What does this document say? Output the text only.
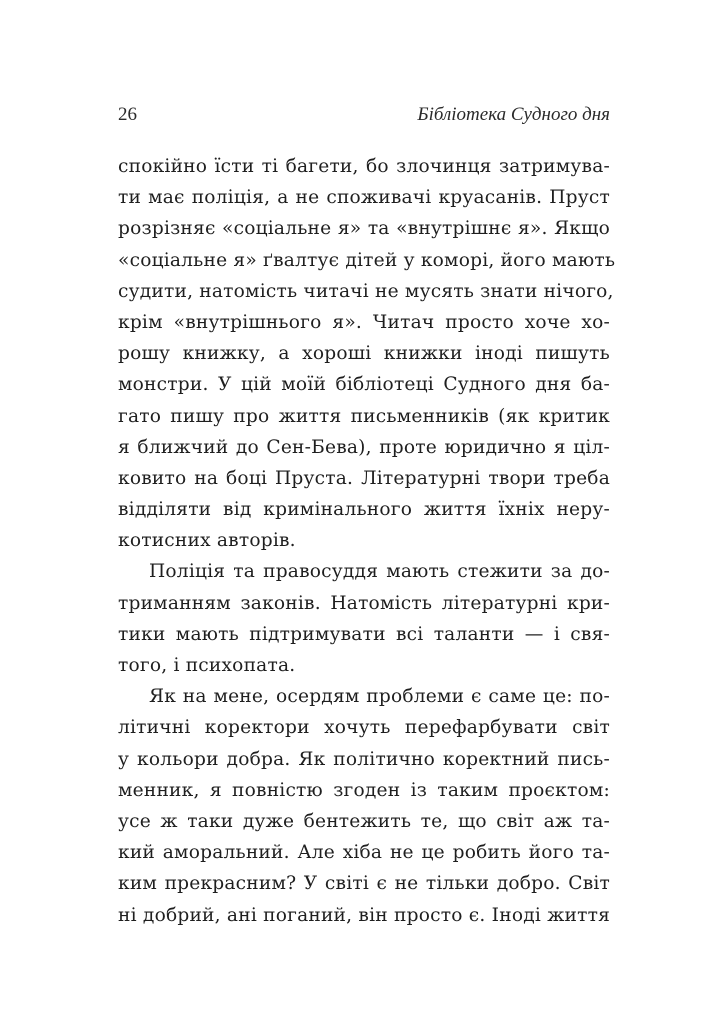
26	Бібліотека Судного дня
спокійно їсти ті багети, бо злочинця затримува-
ти має поліція, а не споживачі круасанів. Пруст
розрізняє «соціальне я» та «внутрішнє я». Якщо
«соціальне я» ґвалтує дітей у коморі, його мають
судити, натомість читачі не мусять знати нічого,
крім «внутрішнього я». Читач просто хоче хо-
рошу книжку, а хороші книжки іноді пишуть
монстри. У цій моїй бібліотеці Судного дня ба-
гато пишу про життя письменників (як критик
я ближчий до Сен-Бева), проте юридично я цiл-
ковито на боці Пруста. Літературні твори треба
відділяти від кримінального життя їхніх неру-
котисних авторів.
Поліція та правосуддя мають стежити за до-
триманням законів. Натомість літературні кри-
тики мають підтримувати всі таланти — і свя-
того, і психопата.
Як на мене, осердям проблеми є саме це: по-
літичні коректори хочуть перефарбувати світ
у кольори добра. Як політично коректний пись-
менник, я повністю згоден із таким проєктом:
усе ж таки дуже бентежить те, що світ аж та-
кий аморальний. Але хіба не це робить його та-
ким прекрасним? У світі є не тільки добро. Світ
ні добрий, ані поганий, він просто є. Іноді життя
